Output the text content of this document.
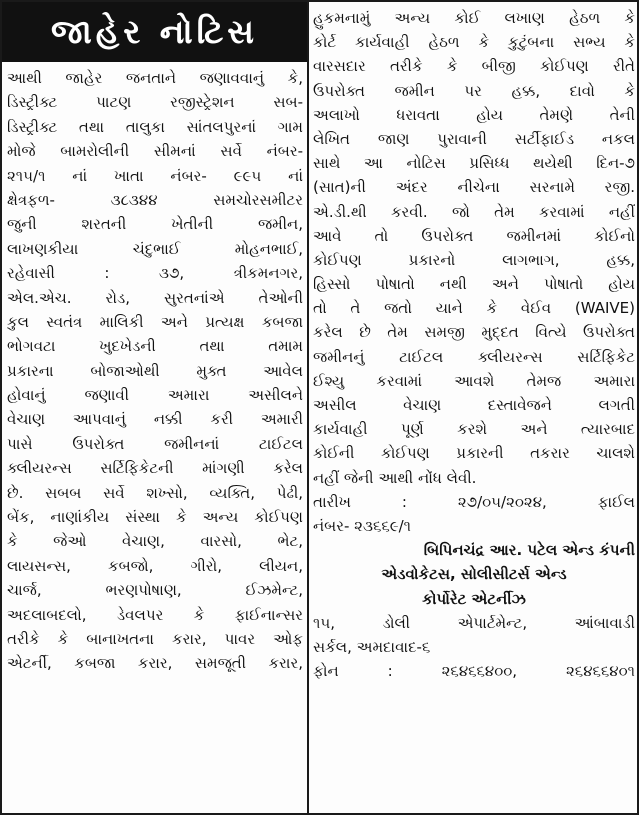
જાહેર નોટિસ
આથી જાહેર જનતાને જણાવવાનું કે,
ડિસ્ટ્રીક્ટ પાટણ રજીસ્ટ્રેશન સબ-
ડિસ્ટ્રીક્ટ તથા તાલુકા સાંતલપુરનાં ગામ
મોજે બામરોલીની સીમનાં સર્વે નંબર-
૨૧૫/૧ નાં ખાતા નંબર- ૯૯૫ નાં
ક્ષેત્રફળ- ૩૮૩૪૪ સમચોરસમીટર
જુની શરતની ખેતીની જમીન,
લાખણકીયા ચંદુભાઈ મોહનભાઈ,
રહેવાસી : ૩૭, ત્રીકમનગર,
એલ.એચ. રોડ, સુરતનાંએ તેઓની
કુલ સ્વતંત્ર માલિકી અને પ્રત્યક્ષ કબજા
ભોગવટા ખુદખેડની તથા તમામ
પ્રકારના બોજાઓથી મુક્ત આવેલ
હોવાનું જણાવી અમારા અસીલને
વેચાણ આપવાનું નક્કી કરી અમારી
પાસે ઉપરોક્ત જમીનનાં ટાઈટલ
ક્લીયરન્સ સર્ટિફિકેટની માંગણી કરેલ
છે. સબબ સર્વે શખ્સો, વ્યક્તિ, પેઢી,
બેંક, નાણાંકીય સંસ્થા કે અન્ય કોઈપણ
કે જેઓ વેચાણ, વારસો, ભેટ,
લાયસન્સ, કબજો, ગીરો, લીયન,
ચાર્જ, ભરણપોષાણ, ઈઝમેન્ટ,
અદલાબદલો, ડેવલપર કે ફાઈનાન્સર
તરીકે કે બાનાખતના કરાર, પાવર ઓફ
એટર્ની, કબજા કરાર, સમજૂતી કરાર,
હુકમનામું અન્ય કોઈ લખાણ હેઠળ કે
કોર્ટ કાર્યવાહી હેઠળ કે કુટુંબના સભ્ય કે
વારસદાર તરીકે કે બીજી કોઈપણ રીતે
ઉપરોક્ત જમીન પર હક્ક, દાવો કે
અલાખો ધરાવતા હોય તેમણે તેની
લેખિત જાણ પુરાવાની સર્ટીફાઈડ નકલ
સાથે આ નોટિસ પ્રસિધ્ધ થયેથી દિન-૭
(સાત)ની અંદર નીચેના સરનામે રજી.
એ.ડી.થી કરવી. જો તેમ કરવામાં નહીં
આવે તો ઉપરોક્ત જમીનમાં કોઈનો
કોઈપણ પ્રકારનો લાગભાગ, હક્ક,
હિસ્સો પોષાતો નથી અને પોષાતો હોય
તો તે જતો યાને કે વેઈવ (WAIVE)
કરેલ છે તેમ સમજી મુદ્દત વિત્યે ઉપરોક્ત
જમીનનું ટાઈટલ ક્લીયરન્સ સર્ટિફિકેટ
ઈશ્યુ કરવામાં આવશે તેમજ અમારા
અસીલ વેચાણ દસ્તાવેજને લગતી
કાર્યવાહી પૂર્ણ કરશે અને ત્યારબાદ
કોઈની કોઈપણ પ્રકારની તકરાર ચાલશે
નહીં જેની આથી નોંધ લેવી.
તારીખ : ૨૭/૦૫/૨૦૨૪, ફાઈલ
નંબર- ૨૩૬૬૯/૧
બિપિનચંદ્ર આર. પટેલ એન્ડ કંપની
એડવોકેટસ, સોલીસીટર્સ એન્ડ
કોર્પોરેટ એટર્નીઝ
૧૫, ડોલી એપાર્ટમેન્ટ, આંબાવાડી
સર્કલ, અમદાવાદ-૬
ફોન : ૨૬૪૬૬૪૦૦, ૨૬૪૬૬૪૦૧
